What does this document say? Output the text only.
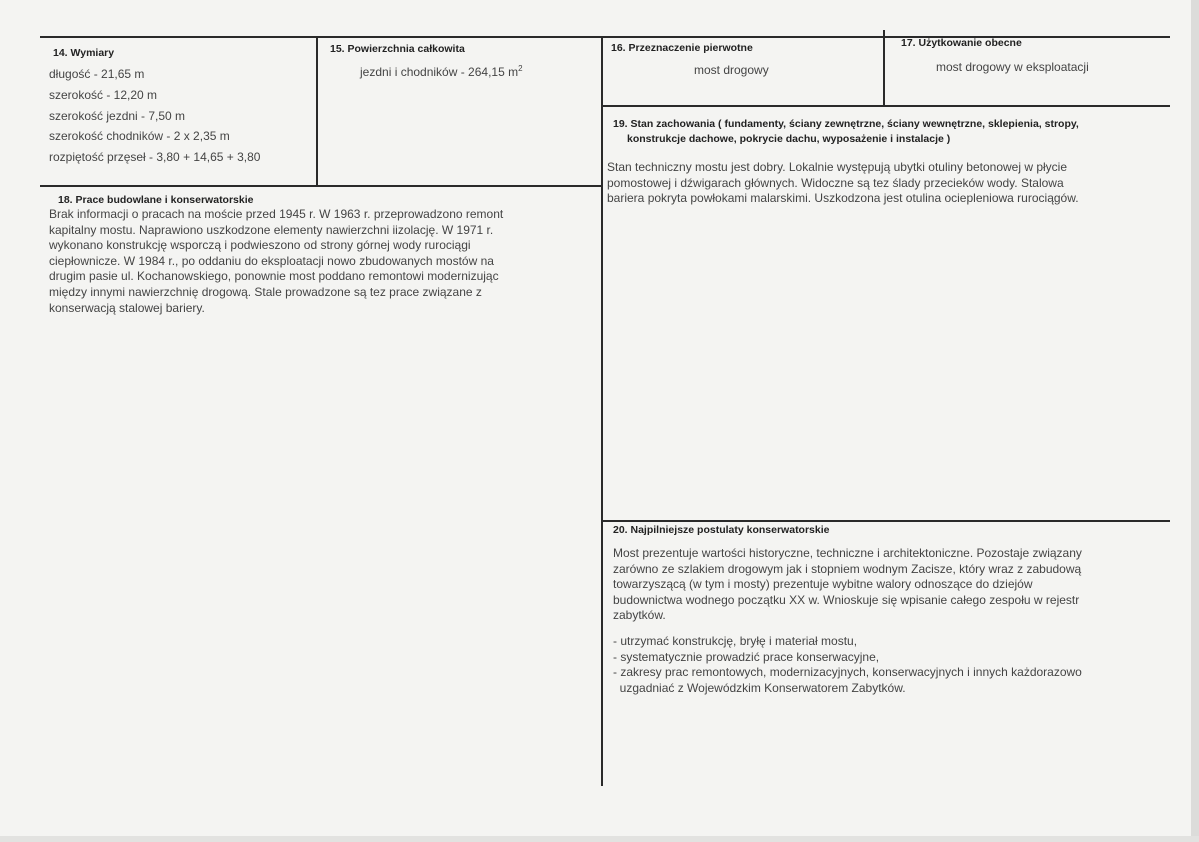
14. Wymiary
długość - 21,65 m
szerokość - 12,20 m
szerokość jezdni - 7,50 m
szerokość chodników - 2 x 2,35 m
rozpiętość przęseł - 3,80 + 14,65 + 3,80
15. Powierzchnia całkowita
jezdni i chodników - 264,15 $m^2$
16. Przeznaczenie pierwotne
most drogowy
17. Użytkowanie obecne
most drogowy w eksploatacji
18. Prace budowlane i konserwatorskie
Brak informacji o pracach na moście przed 1945 r. W 1963 r. przeprowadzono remont
kapitalny mostu. Naprawiono uszkodzone elementy nawierzchni iizolację. W 1971 r.
wykonano konstrukcję wsporczą i podwieszono od strony górnej wody rurociągi
ciepłownicze. W 1984 r., po oddaniu do eksploatacji nowo zbudowanych mostów na
drugim pasie ul. Kochanowskiego, ponownie most poddano remontowi modernizując
między innymi nawierzchnię drogową. Stale prowadzone są tez prace związane z
konserwacją stalowej bariery.
19. Stan zachowania ( fundamenty, ściany zewnętrzne, ściany wewnętrzne, sklepienia, stropy,
konstrukcje dachowe, pokrycie dachu, wyposażenie i instalacje )
Stan techniczny mostu jest dobry. Lokalnie występują ubytki otuliny betonowej w płycie
pomostowej i dźwigarach głównych. Widoczne są tez ślady przecieków wody. Stalowa
bariera pokryta powłokami malarskimi. Uszkodzona jest otulina ociepleniowa rurociągów.
20. Najpilniejsze postulaty konserwatorskie
Most prezentuje wartości historyczne, techniczne i architektoniczne. Pozostaje związany
zarówno ze szlakiem drogowym jak i stopniem wodnym Zacisze, który wraz z zabudową
towarzyszącą (w tym i mosty) prezentuje wybitne walory odnoszące do dziejów
budownictwa wodnego początku XX w. Wnioskuje się wpisanie całego zespołu w rejestr
zabytków.
- utrzymać konstrukcję, bryłę i materiał mostu,
- systematycznie prowadzić prace konserwacyjne,
- zakresy prac remontowych, modernizacyjnych, konserwacyjnych i innych każdorazowo
uzgadniać z Wojewódzkim Konserwatorem Zabytków.
